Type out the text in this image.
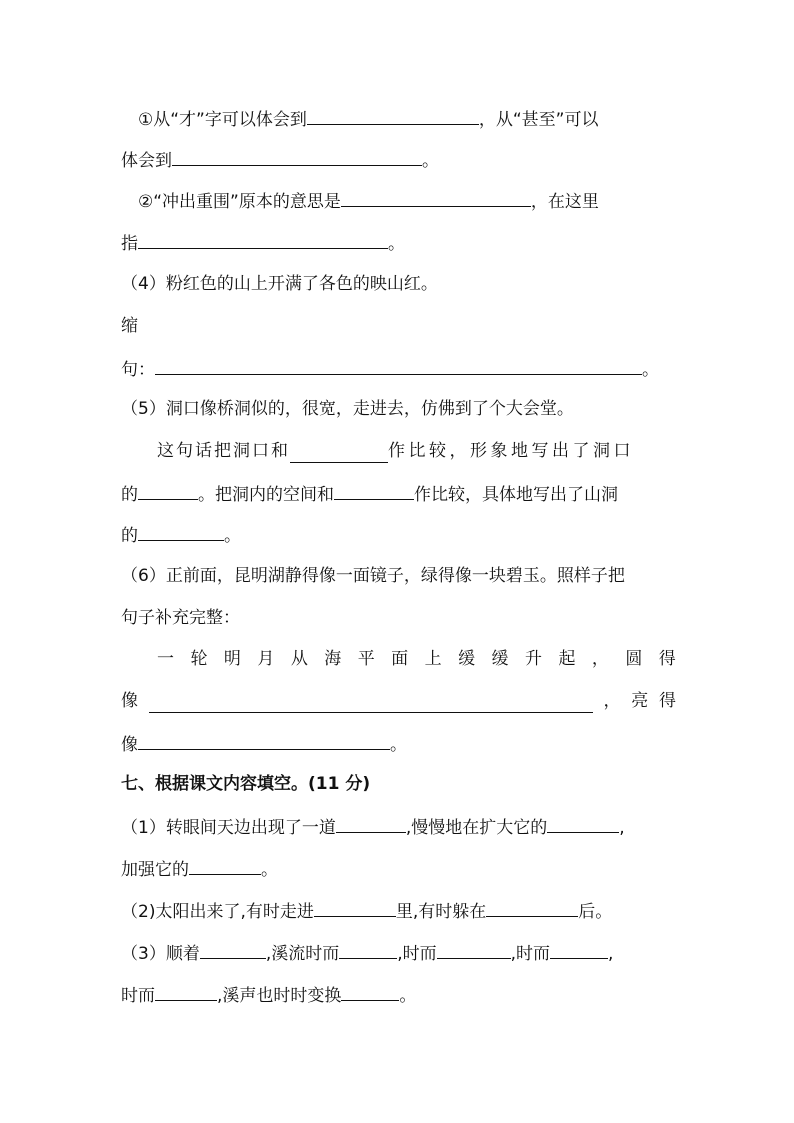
①从“才”字可以体会到	，从“甚至”可以
体会到	。
②“冲出重围”原本的意思是	，在这里
指	。
（4）粉红色的山上开满了各色的映山红。
缩
句：	。
（5）洞口像桥洞似的，很宽，走进去，仿佛到了个大会堂。
这句话把洞口和	作比较，形象地写出了洞口
的	。把洞内的空间和	作比较，具体地写出了山洞
的	。
（6）正前面，昆明湖静得像一面镜子，绿得像一块碧玉。照样子把
句子补充完整：
一 轮 明 月 从 海 平 面 上 缓 缓 升 起 ， 圆 得
像	， 亮 得
像	。
七、根据课文内容填空。(11 分)
（1）转眼间天边出现了一道	,慢慢地在扩大它的	,
加强它的	。
（2)太阳出来了,有时走进	里,有时躲在	后。
（3）顺着	,溪流时而	,时而	,时而	,
时而	,溪声也时时变换	。
